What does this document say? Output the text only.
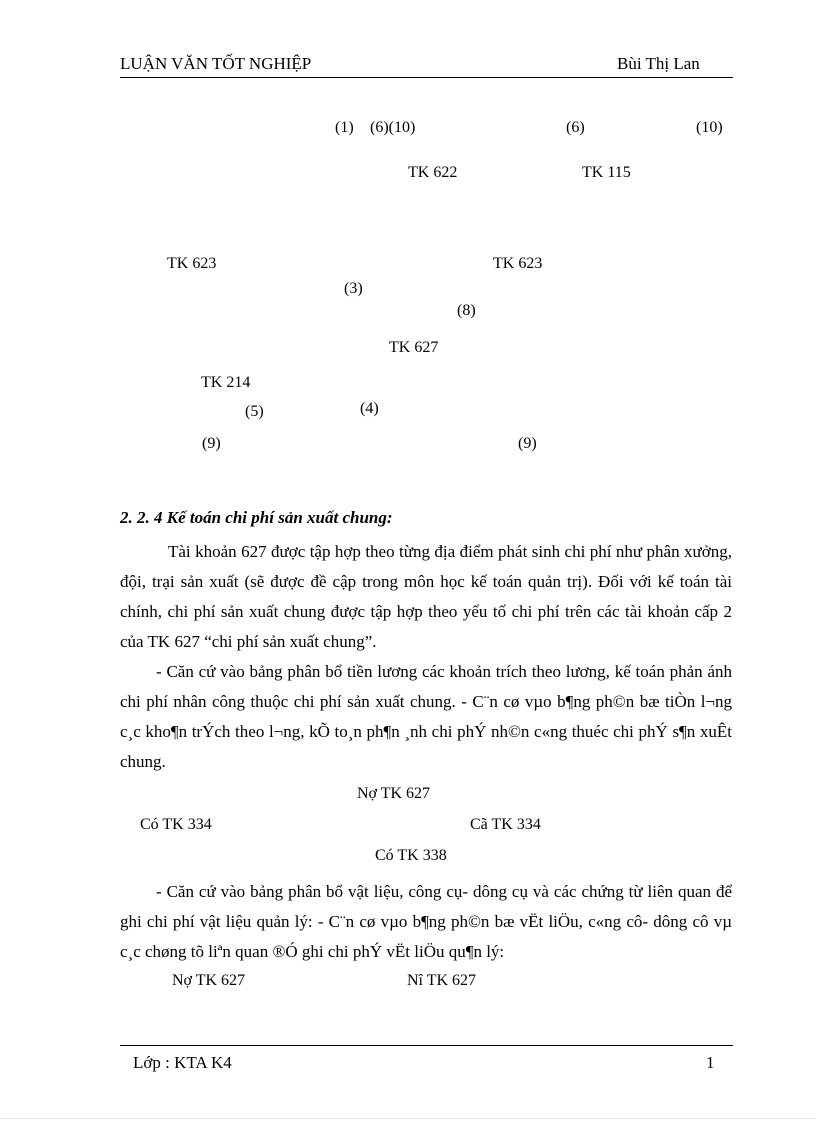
LUẬN VĂN TỐT NGHIỆP	Bùi Thị Lan
(1) (6)(10)	(6)	(10)
TK 622	TK 115
TK 623	TK 623
(3)
(8)
TK 627
TK 214
(5)	(4)
(9)	(9)
2. 2. 4 Kế toán chi phí sản xuất chung:

Tài khoản 627 được tập hợp theo từng địa điểm phát sinh chi phí như phân xưởng, đội, trại sản xuất (sẽ được đề cập trong môn học kế toán quản trị). Đối với kế toán tài chính, chi phí sản xuất chung được tập hợp theo yếu tố chi phí trên các tài khoản cấp 2 của TK 627 “chi phí sản xuất chung”.

- Căn cứ vào bảng phân bổ tiền lương các khoản trích theo lương, kế toán phản ánh chi phí nhân công thuộc chi phí sản xuất chung. - C¨n cø vµo b¶ng ph©n bæ tiÒn l¬ng c¸c kho¶n trÝch theo l¬ng, kÕ to¸n ph¶n ¸nh chi phÝ nh©n c«ng thuéc chi phÝ s¶n xuÊt chung.

Nợ TK 627
Có TK 334	Cã TK 334
Có TK 338

- Căn cứ vào bảng phân bổ vật liệu, công cụ- dông cụ và các chứng từ liên quan để ghi chi phí vật liệu quản lý: - C¨n cø vµo b¶ng ph©n bæ vËt liÖu, c«ng cô- dông cô vµ c¸c chøng tõ liªn quan ®Ó ghi chi phÝ vËt liÖu qu¶n lý:

Nợ TK 627	Nî TK 627
Lớp : KTA K4	1
